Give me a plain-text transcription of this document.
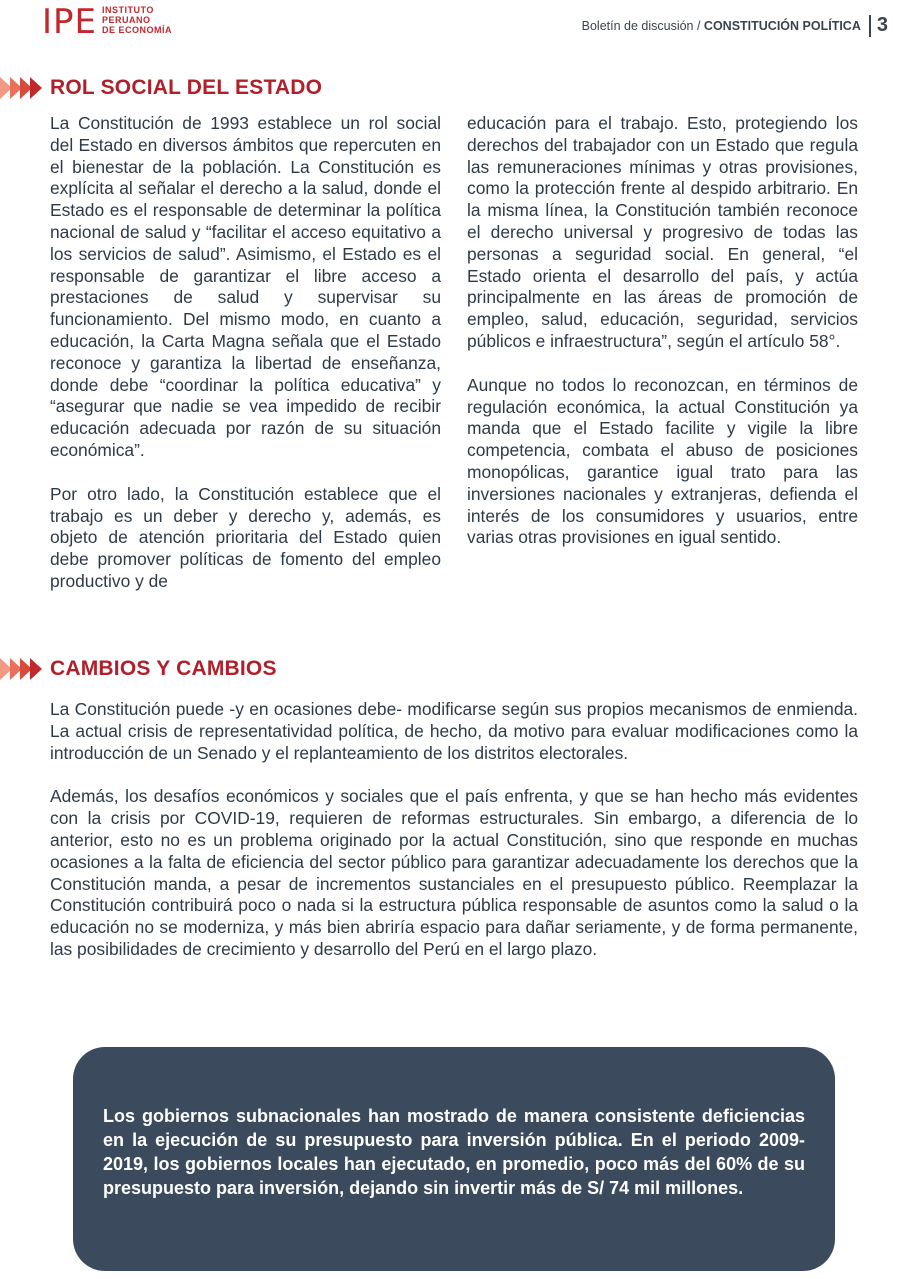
IPE INSTITUTO
PERUANO
DE ECONOMÍA	Boletín de discusión / CONSTITUCIÓN POLÍTICA 3
ROL SOCIAL DEL ESTADO

La Constitución de 1993 establece un rol social del Estado en diversos ámbitos que repercuten en el bienestar de la población. La Constitución es explícita al señalar el derecho a la salud, donde el Estado es el responsable de determinar la política nacional de salud y “facilitar el acceso equitativo a los servicios de salud”. Asimismo, el Estado es el responsable de garantizar el libre acceso a prestaciones de salud y supervisar su funcionamiento. Del mismo modo, en cuanto a educación, la Carta Magna señala que el Estado reconoce y garantiza la libertad de enseñanza, donde debe “coordinar la política educativa” y “asegurar que nadie se vea impedido de recibir educación adecuada por razón de su situación económica”.

Por otro lado, la Constitución establece que el trabajo es un deber y derecho y, además, es objeto de atención prioritaria del Estado quien debe promover políticas de fomento del empleo productivo y de

educación para el trabajo. Esto, protegiendo los derechos del trabajador con un Estado que regula las remuneraciones mínimas y otras provisiones, como la protección frente al despido arbitrario. En la misma línea, la Constitución también reconoce el derecho universal y progresivo de todas las personas a seguridad social. En general, “el Estado orienta el desarrollo del país, y actúa principalmente en las áreas de promoción de empleo, salud, educación, seguridad, servicios públicos e infraestructura”, según el artículo 58°.

Aunque no todos lo reconozcan, en términos de regulación económica, la actual Constitución ya manda que el Estado facilite y vigile la libre competencia, combata el abuso de posiciones monopólicas, garantice igual trato para las inversiones nacionales y extranjeras, defienda el interés de los consumidores y usuarios, entre varias otras provisiones en igual sentido.

CAMBIOS Y CAMBIOS

La Constitución puede -y en ocasiones debe- modificarse según sus propios mecanismos de enmienda. La actual crisis de representatividad política, de hecho, da motivo para evaluar modificaciones como la introducción de un Senado y el replanteamiento de los distritos electorales.

Además, los desafíos económicos y sociales que el país enfrenta, y que se han hecho más evidentes con la crisis por COVID-19, requieren de reformas estructurales. Sin embargo, a diferencia de lo anterior, esto no es un problema originado por la actual Constitución, sino que responde en muchas ocasiones a la falta de eficiencia del sector público para garantizar adecuadamente los derechos que la Constitución manda, a pesar de incrementos sustanciales en el presupuesto público. Reemplazar la Constitución contribuirá poco o nada si la estructura pública responsable de asuntos como la salud o la educación no se moderniza, y más bien abriría espacio para dañar seriamente, y de forma permanente, las posibilidades de crecimiento y desarrollo del Perú en el largo plazo.

Los gobiernos subnacionales han mostrado de manera consistente deficiencias en la ejecución de su presupuesto para inversión pública. En el periodo 2009-2019, los gobiernos locales han ejecutado, en promedio, poco más del 60% de su presupuesto para inversión, dejando sin invertir más de S/ 74 mil millones.
